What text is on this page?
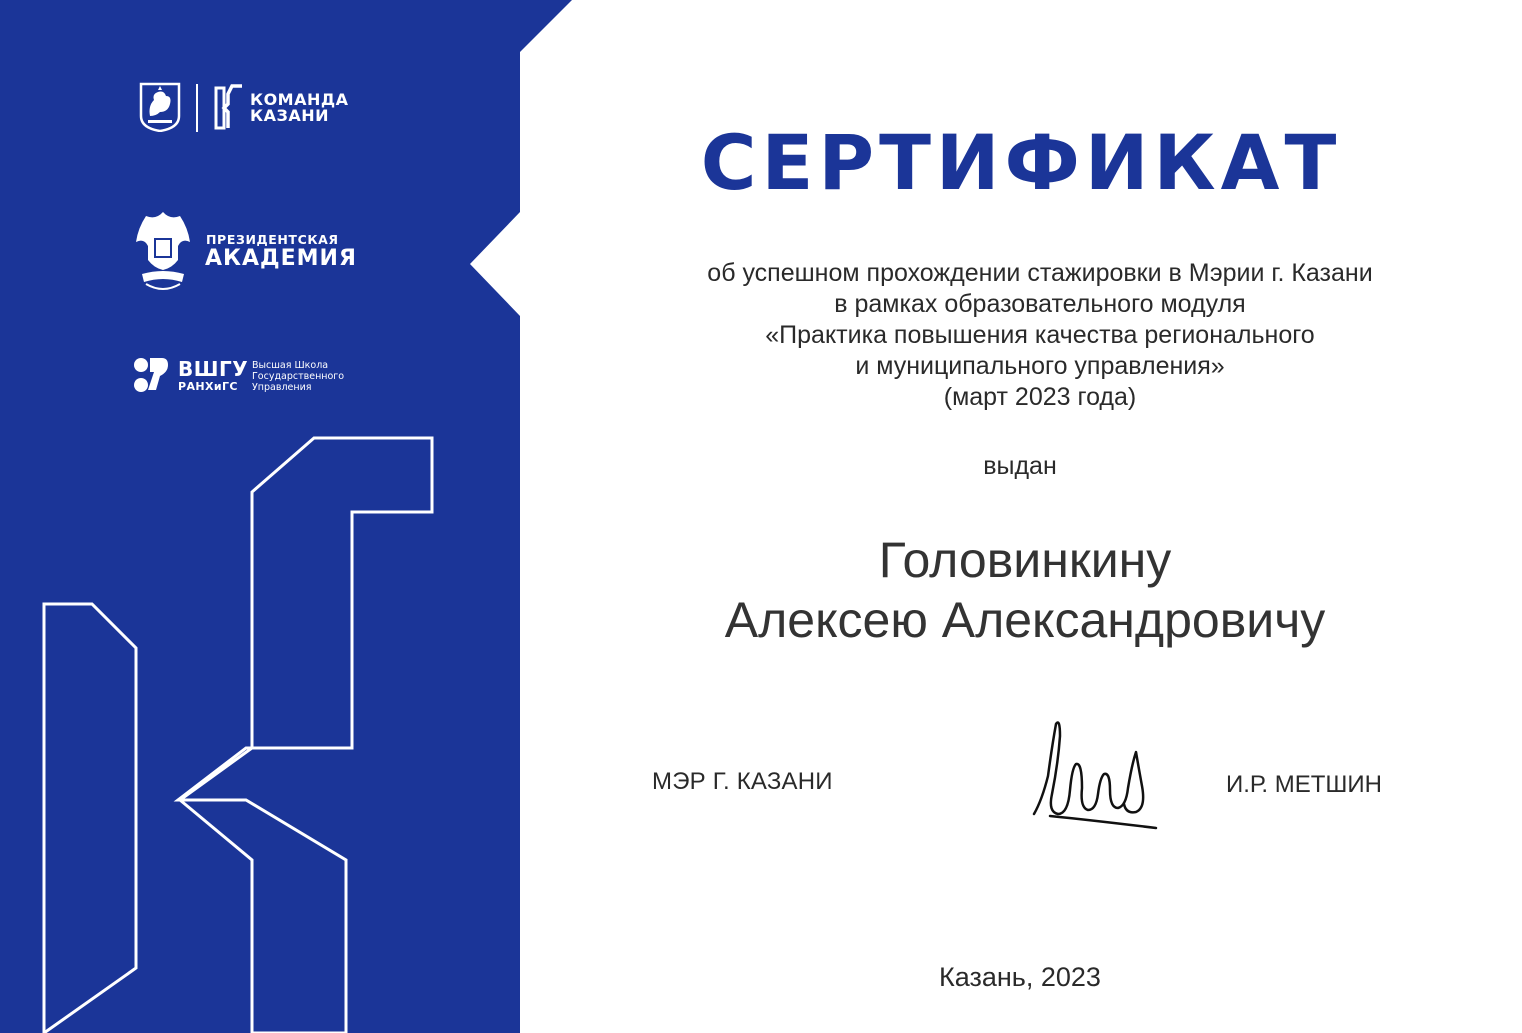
КОМАНДА
КАЗАНИ
ПРЕЗИДЕНТСКАЯ
АКАДЕМИЯ
ВШГУ
РАНХиГС
Высшая Школа
Государственного
Управления
СЕРТИФИКАТ
об успешном прохождении стажировки в Мэрии г. Казани
в рамках образовательного модуля
«Практика повышения качества регионального
и муниципального управления»
(март 2023 года)
выдан
Головинкину
Алексею Александровичу
МЭР Г. КАЗАНИ	И.Р. МЕТШИН
Казань, 2023
